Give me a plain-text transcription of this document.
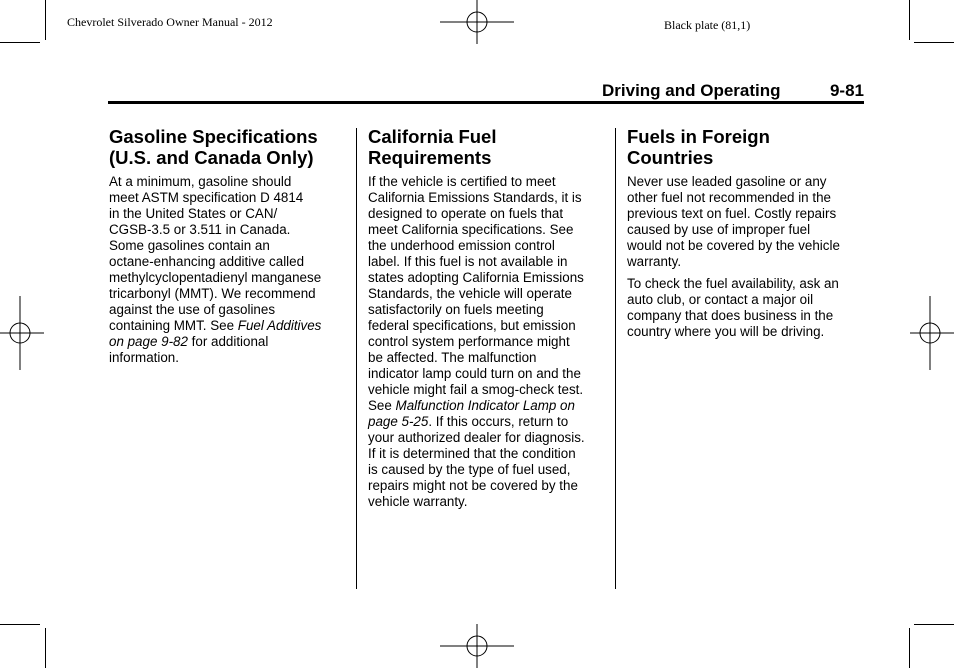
Chevrolet Silverado Owner Manual - 2012	Black plate (81,1)
Driving and Operating	9-81
Gasoline Specifications
(U.S. and Canada Only)

At a minimum, gasoline should
meet ASTM specification D 4814
in the United States or CAN/
CGSB-3.5 or 3.511 in Canada.
Some gasolines contain an
octane-enhancing additive called
methylcyclopentadienyl manganese
tricarbonyl (MMT). We recommend
against the use of gasolines
containing MMT. See Fuel Additives
on page 9-82 for additional
information.

California Fuel
Requirements

If the vehicle is certified to meet
California Emissions Standards, it is
designed to operate on fuels that
meet California specifications. See
the underhood emission control
label. If this fuel is not available in
states adopting California Emissions
Standards, the vehicle will operate
satisfactorily on fuels meeting
federal specifications, but emission
control system performance might
be affected. The malfunction
indicator lamp could turn on and the
vehicle might fail a smog-check test.
See Malfunction Indicator Lamp on
page 5-25. If this occurs, return to
your authorized dealer for diagnosis.
If it is determined that the condition
is caused by the type of fuel used,
repairs might not be covered by the
vehicle warranty.

Fuels in Foreign
Countries

Never use leaded gasoline or any
other fuel not recommended in the
previous text on fuel. Costly repairs
caused by use of improper fuel
would not be covered by the vehicle
warranty.

To check the fuel availability, ask an
auto club, or contact a major oil
company that does business in the
country where you will be driving.
